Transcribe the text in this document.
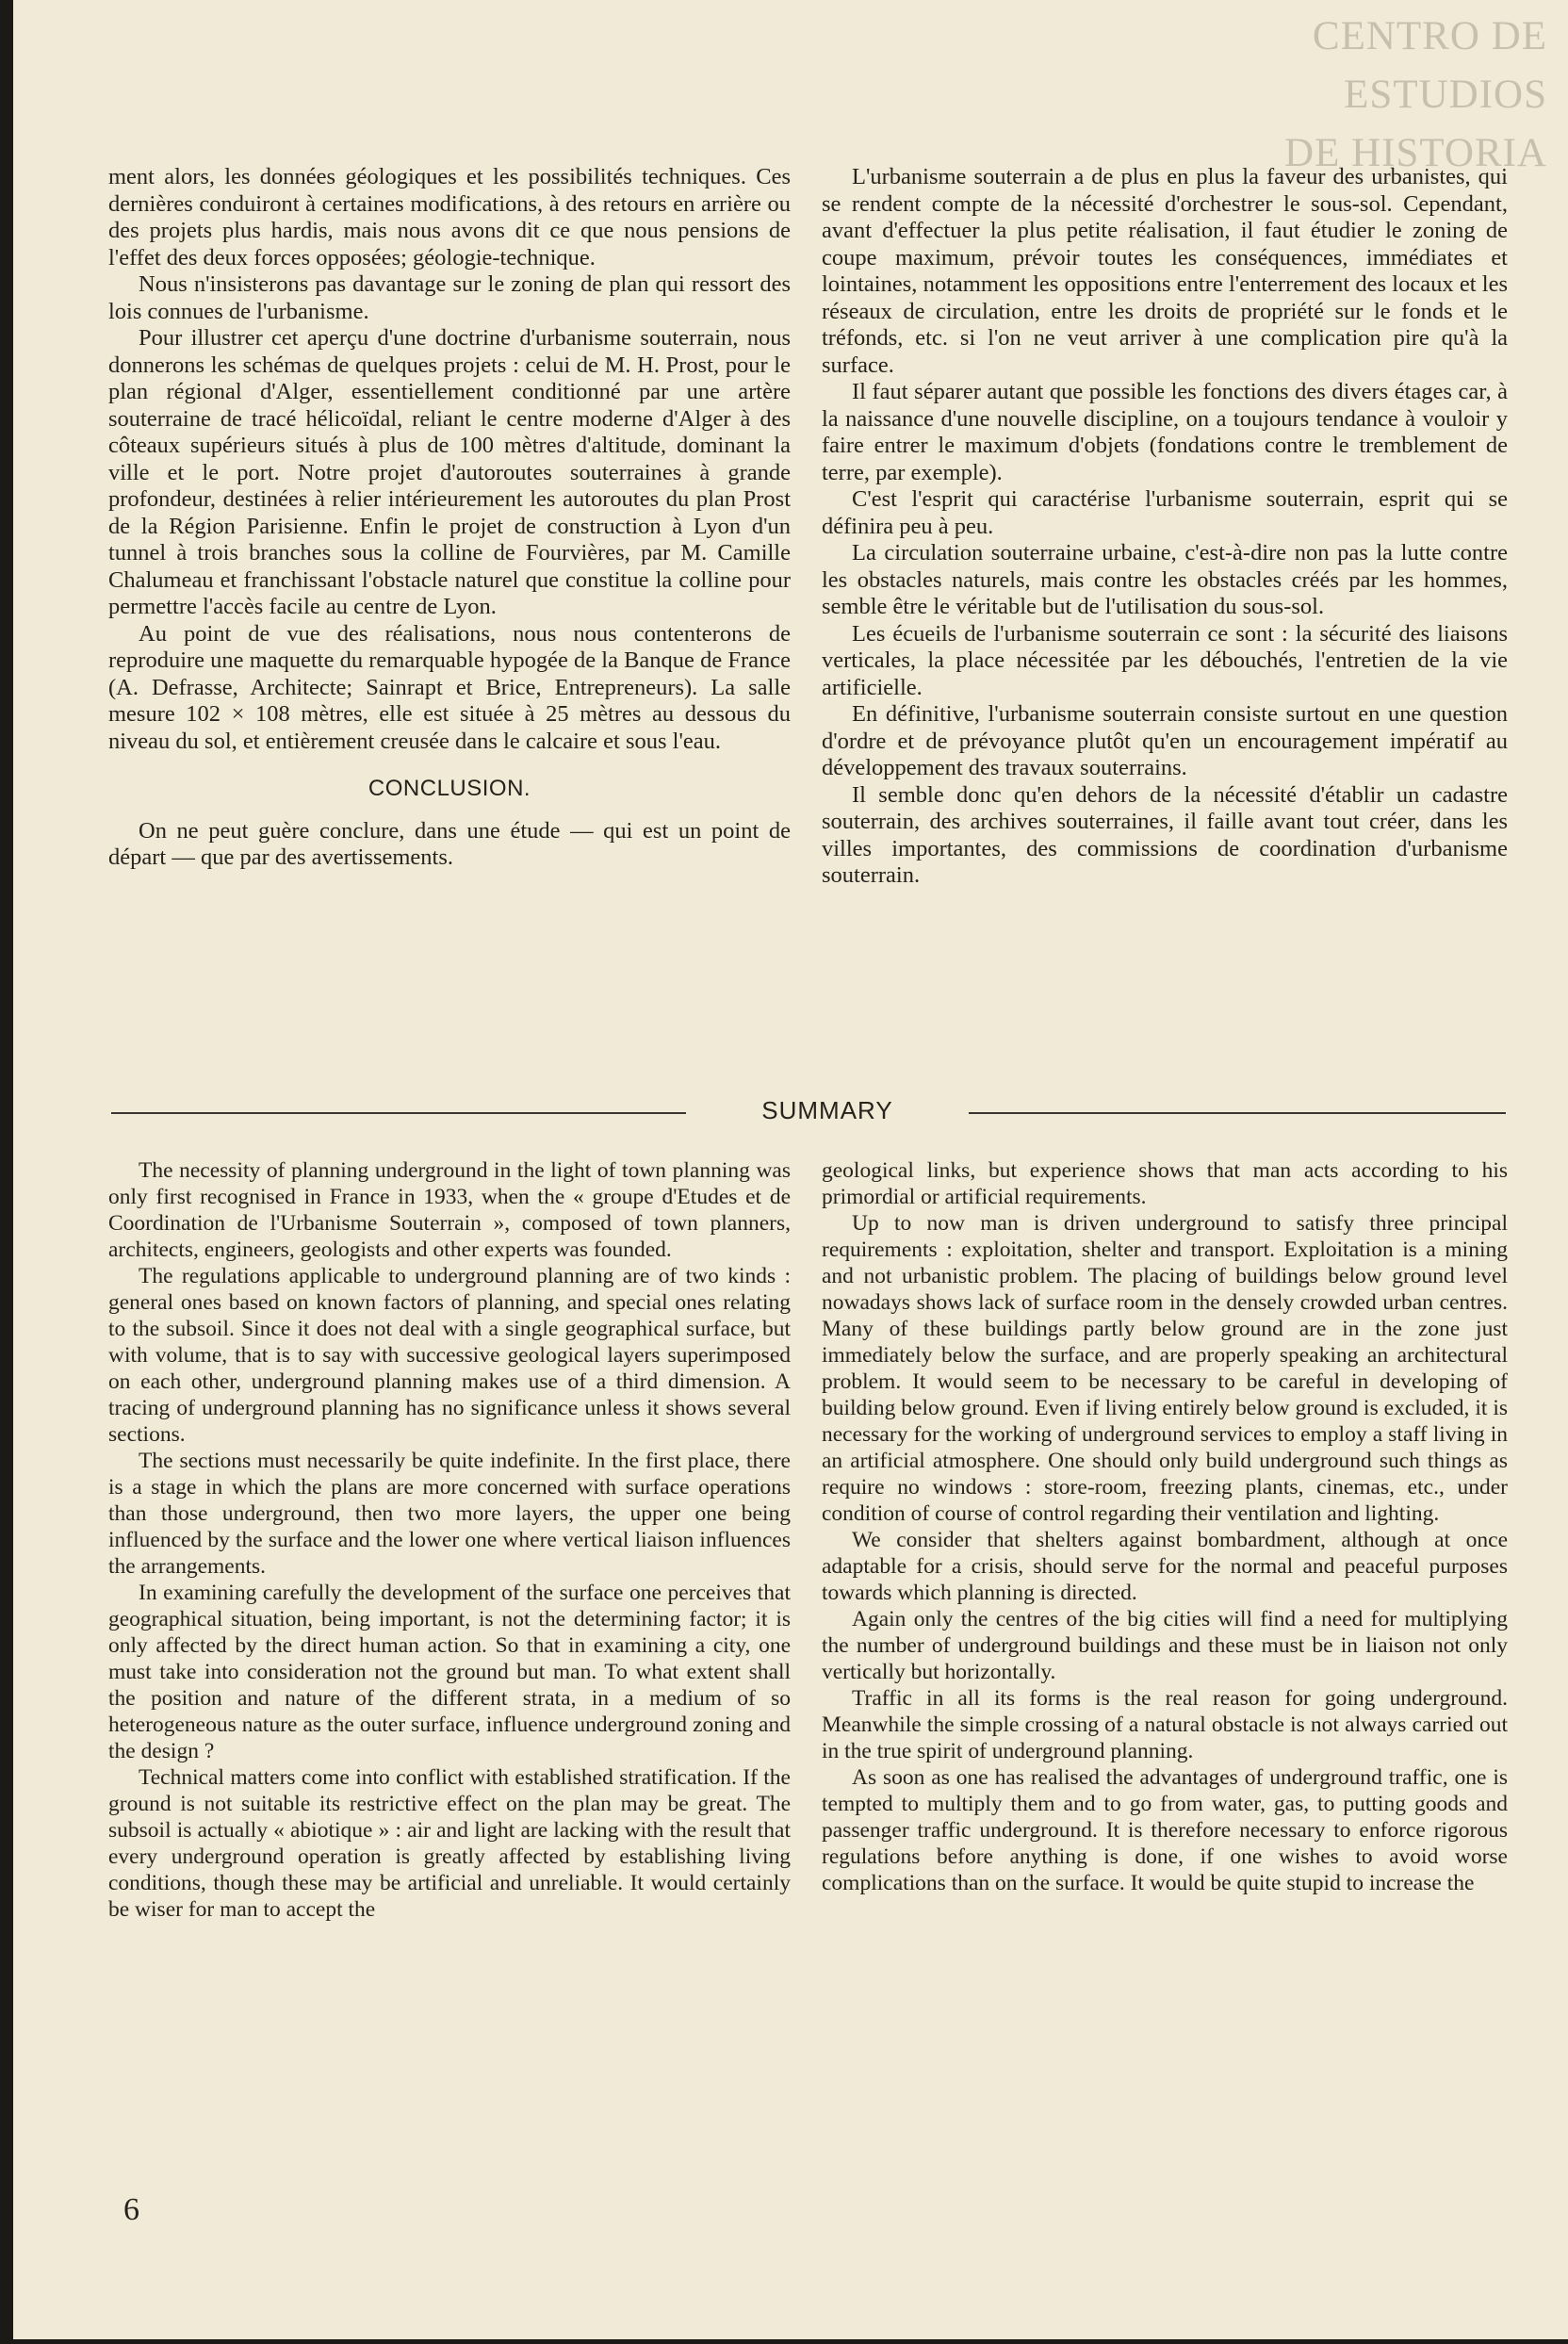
CENTRO DE
ESTUDIOS
DE HISTORIA

ment alors, les données géologiques et les possibilités techniques. Ces dernières conduiront à certaines modifications, à des retours en arrière ou des projets plus hardis, mais nous avons dit ce que nous pensions de l'effet des deux forces opposées; géologie-technique.

Nous n'insisterons pas davantage sur le zoning de plan qui ressort des lois connues de l'urbanisme.

Pour illustrer cet aperçu d'une doctrine d'urbanisme souterrain, nous donnerons les schémas de quelques projets : celui de M. H. Prost, pour le plan régional d'Alger, essentiellement conditionné par une artère souterraine de tracé hélicoïdal, reliant le centre moderne d'Alger à des côteaux supérieurs situés à plus de 100 mètres d'altitude, dominant la ville et le port. Notre projet d'autoroutes souterraines à grande profondeur, destinées à relier intérieurement les autoroutes du plan Prost de la Région Parisienne. Enfin le projet de construction à Lyon d'un tunnel à trois branches sous la colline de Fourvières, par M. Camille Chalumeau et franchissant l'obstacle naturel que constitue la colline pour permettre l'accès facile au centre de Lyon.

Au point de vue des réalisations, nous nous contenterons de reproduire une maquette du remarquable hypogée de la Banque de France (A. Defrasse, Architecte; Sainrapt et Brice, Entrepreneurs). La salle mesure 102 × 108 mètres, elle est située à 25 mètres au dessous du niveau du sol, et entièrement creusée dans le calcaire et sous l'eau.

CONCLUSION.

On ne peut guère conclure, dans une étude — qui est un point de départ — que par des avertissements.

L'urbanisme souterrain a de plus en plus la faveur des urbanistes, qui se rendent compte de la nécessité d'orchestrer le sous-sol. Cependant, avant d'effectuer la plus petite réalisation, il faut étudier le zoning de coupe maximum, prévoir toutes les conséquences, immédiates et lointaines, notamment les oppositions entre l'enterrement des locaux et les réseaux de circulation, entre les droits de propriété sur le fonds et le tréfonds, etc. si l'on ne veut arriver à une complication pire qu'à la surface.

Il faut séparer autant que possible les fonctions des divers étages car, à la naissance d'une nouvelle discipline, on a toujours tendance à vouloir y faire entrer le maximum d'objets (fondations contre le tremblement de terre, par exemple).

C'est l'esprit qui caractérise l'urbanisme souterrain, esprit qui se définira peu à peu.

La circulation souterraine urbaine, c'est-à-dire non pas la lutte contre les obstacles naturels, mais contre les obstacles créés par les hommes, semble être le véritable but de l'utilisation du sous-sol.

Les écueils de l'urbanisme souterrain ce sont : la sécurité des liaisons verticales, la place nécessitée par les débouchés, l'entretien de la vie artificielle.

En définitive, l'urbanisme souterrain consiste surtout en une question d'ordre et de prévoyance plutôt qu'en un encouragement impératif au développement des travaux souterrains.

Il semble donc qu'en dehors de la nécessité d'établir un cadastre souterrain, des archives souterraines, il faille avant tout créer, dans les villes importantes, des commissions de coordination d'urbanisme souterrain.

SUMMARY

The necessity of planning underground in the light of town planning was only first recognised in France in 1933, when the « groupe d'Etudes et de Coordination de l'Urbanisme Souterrain », composed of town planners, architects, engineers, geologists and other experts was founded.

The regulations applicable to underground planning are of two kinds : general ones based on known factors of planning, and special ones relating to the subsoil. Since it does not deal with a single geographical surface, but with volume, that is to say with successive geological layers superimposed on each other, underground planning makes use of a third dimension. A tracing of underground planning has no significance unless it shows several sections.

The sections must necessarily be quite indefinite. In the first place, there is a stage in which the plans are more concerned with surface operations than those underground, then two more layers, the upper one being influenced by the surface and the lower one where vertical liaison influences the arrangements.

In examining carefully the development of the surface one perceives that geographical situation, being important, is not the determining factor; it is only affected by the direct human action. So that in examining a city, one must take into consideration not the ground but man. To what extent shall the position and nature of the different strata, in a medium of so heterogeneous nature as the outer surface, influence underground zoning and the design ?

Technical matters come into conflict with established stratification. If the ground is not suitable its restrictive effect on the plan may be great. The subsoil is actually « abiotique » : air and light are lacking with the result that every underground operation is greatly affected by establishing living conditions, though these may be artificial and unreliable. It would certainly be wiser for man to accept the

geological links, but experience shows that man acts according to his primordial or artificial requirements.

Up to now man is driven underground to satisfy three principal requirements : exploitation, shelter and transport. Exploitation is a mining and not urbanistic problem. The placing of buildings below ground level nowadays shows lack of surface room in the densely crowded urban centres. Many of these buildings partly below ground are in the zone just immediately below the surface, and are properly speaking an architectural problem. It would seem to be necessary to be careful in developing of building below ground. Even if living entirely below ground is excluded, it is necessary for the working of underground services to employ a staff living in an artificial atmosphere. One should only build underground such things as require no windows : store-room, freezing plants, cinemas, etc., under condition of course of control regarding their ventilation and lighting.

We consider that shelters against bombardment, although at once adaptable for a crisis, should serve for the normal and peaceful purposes towards which planning is directed.

Again only the centres of the big cities will find a need for multiplying the number of underground buildings and these must be in liaison not only vertically but horizontally.

Traffic in all its forms is the real reason for going underground. Meanwhile the simple crossing of a natural obstacle is not always carried out in the true spirit of underground planning.

As soon as one has realised the advantages of underground traffic, one is tempted to multiply them and to go from water, gas, to putting goods and passenger traffic underground. It is therefore necessary to enforce rigorous regulations before anything is done, if one wishes to avoid worse complications than on the surface. It would be quite stupid to increase the

6
